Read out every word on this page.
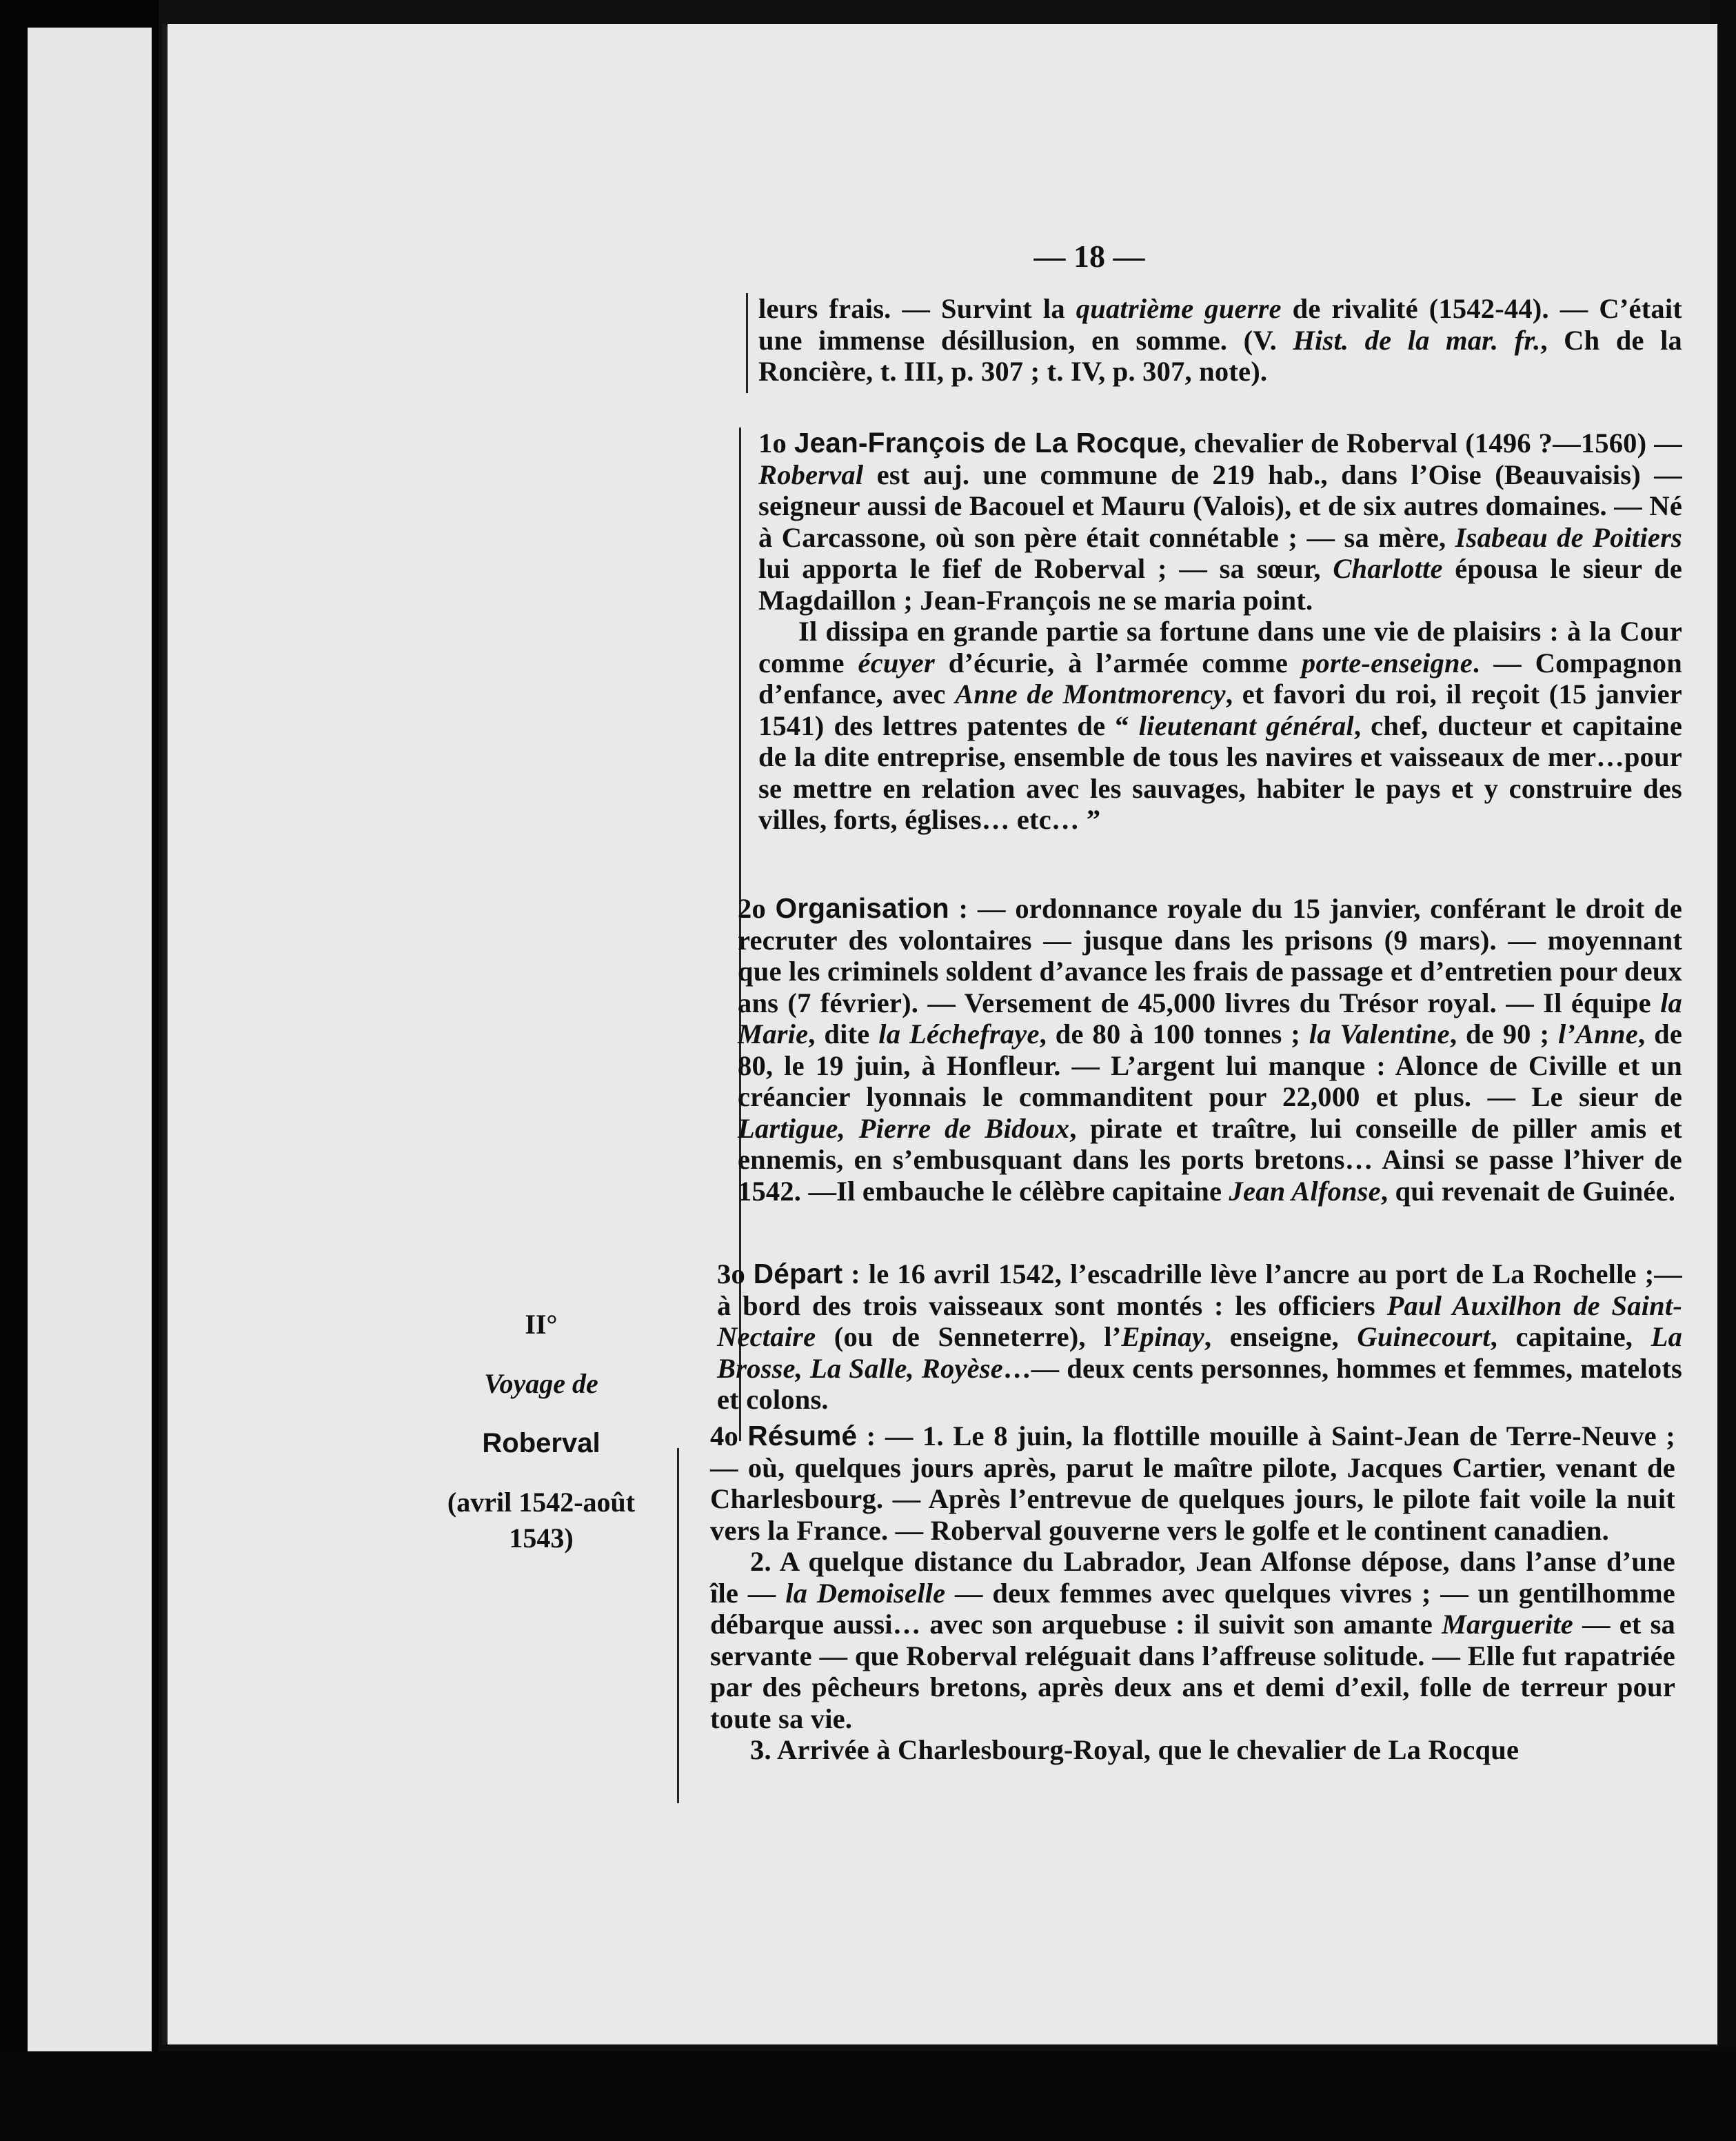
— 18 —

leurs frais. — Survint la quatrième guerre de rivalité (1542-44). — C’était une immense désillusion, en somme. (V. Hist. de la mar. fr., Ch de la Roncière, t. III, p. 307 ; t. IV, p. 307, note).

1o Jean-François de La Rocque, chevalier de Roberval (1496 ?—1560) — Roberval est auj. une commune de 219 hab., dans l’Oise (Beauvaisis) — seigneur aussi de Bacouel et Mauru (Valois), et de six autres domaines. — Né à Carcassone, où son père était connétable ; — sa mère, Isabeau de Poitiers lui apporta le fief de Roberval ; — sa sœur, Charlotte épousa le sieur de Magdaillon ; Jean-François ne se maria point.

Il dissipa en grande partie sa fortune dans une vie de plaisirs : à la Cour comme écuyer d’écurie, à l’armée comme porte-enseigne. — Compagnon d’enfance, avec Anne de Montmorency, et favori du roi, il reçoit (15 janvier 1541) des lettres patentes de “ lieutenant général, chef, ducteur et capitaine de la dite entreprise, ensemble de tous les navires et vaisseaux de mer…pour se mettre en relation avec les sauvages, habiter le pays et y construire des villes, forts, églises… etc… ”

2o Organisation : — ordonnance royale du 15 janvier, conférant le droit de recruter des volontaires — jusque dans les prisons (9 mars). — moyennant que les criminels soldent d’avance les frais de passage et d’entretien pour deux ans (7 février). — Versement de 45,000 livres du Trésor royal. — Il équipe la Marie, dite la Léchefraye, de 80 à 100 tonnes ; la Valentine, de 90 ; l’Anne, de 80, le 19 juin, à Honfleur. — L’argent lui manque : Alonce de Civille et un créancier lyonnais le commanditent pour 22,000 et plus. — Le sieur de Lartigue, Pierre de Bidoux, pirate et traître, lui conseille de piller amis et ennemis, en s’embusquant dans les ports bretons… Ainsi se passe l’hiver de 1542. —Il embauche le célèbre capitaine Jean Alfonse, qui revenait de Guinée.

3o Départ : le 16 avril 1542, l’escadrille lève l’ancre au port de La Rochelle ;— à bord des trois vaisseaux sont montés : les officiers Paul Auxilhon de Saint-Nectaire (ou de Senneterre), l’Epinay, enseigne, Guinecourt, capitaine, La Brosse, La Salle, Royèse…— deux cents personnes, hommes et femmes, matelots et colons.

4o Résumé : — 1. Le 8 juin, la flottille mouille à Saint-Jean de Terre-Neuve ; — où, quelques jours après, parut le maître pilote, Jacques Cartier, venant de Charlesbourg. — Après l’entrevue de quelques jours, le pilote fait voile la nuit vers la France. — Roberval gouverne vers le golfe et le continent canadien.

2. A quelque distance du Labrador, Jean Alfonse dépose, dans l’anse d’une île — la Demoiselle — deux femmes avec quelques vivres ; — un gentilhomme débarque aussi… avec son arquebuse : il suivit son amante Marguerite — et sa servante — que Roberval reléguait dans l’affreuse solitude. — Elle fut rapatriée par des pêcheurs bretons, après deux ans et demi d’exil, folle de terreur pour toute sa vie.

3. Arrivée à Charlesbourg-Royal, que le chevalier de La Rocque

II°
Voyage de
Roberval
(avril 1542-août 1543)
